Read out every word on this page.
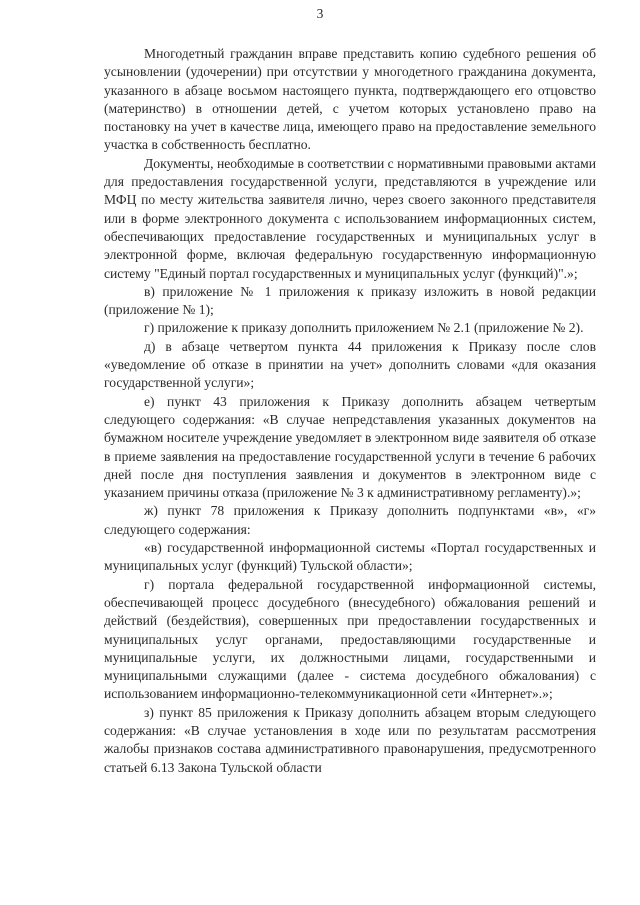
3

Многодетный гражданин вправе представить копию судебного решения об усыновлении (удочерении) при отсутствии у многодетного гражданина документа, указанного в абзаце восьмом настоящего пункта, подтверждающего его отцовство (материнство) в отношении детей, с учетом которых установлено право на постановку на учет в качестве лица, имеющего право на предоставление земельного участка в собственность бесплатно.

Документы, необходимые в соответствии с нормативными правовыми актами для предоставления государственной услуги, представляются в учреждение или МФЦ по месту жительства заявителя лично, через своего законного представителя или в форме электронного документа с использованием информационных систем, обеспечивающих предоставление государственных и муниципальных услуг в электронной форме, включая федеральную государственную информационную систему "Единый портал государственных и муниципальных услуг (функций)".»;

в) приложение № 1 приложения к приказу изложить в новой редакции (приложение № 1);

г) приложение к приказу дополнить приложением № 2.1 (приложение № 2).

д) в абзаце четвертом пункта 44 приложения к Приказу после слов «уведомление об отказе в принятии на учет» дополнить словами «для оказания государственной услуги»;

е) пункт 43 приложения к Приказу дополнить абзацем четвертым следующего содержания: «В случае непредставления указанных документов на бумажном носителе учреждение уведомляет в электронном виде заявителя об отказе в приеме заявления на предоставление государственной услуги в течение 6 рабочих дней после дня поступления заявления и документов в электронном виде с указанием причины отказа (приложение № 3 к административному регламенту).»;

ж) пункт 78 приложения к Приказу дополнить подпунктами «в», «г» следующего содержания:

«в) государственной информационной системы «Портал государственных и муниципальных услуг (функций) Тульской области»;

г) портала федеральной государственной информационной системы, обеспечивающей процесс досудебного (внесудебного) обжалования решений и действий (бездействия), совершенных при предоставлении государственных и муниципальных услуг органами, предоставляющими государственные и муниципальные услуги, их должностными лицами, государственными и муниципальными служащими (далее - система досудебного обжалования) с использованием информационно-телекоммуникационной сети «Интернет».»;

з) пункт 85 приложения к Приказу дополнить абзацем вторым следующего содержания: «В случае установления в ходе или по результатам рассмотрения жалобы признаков состава административного правонарушения, предусмотренного статьей 6.13 Закона Тульской области
